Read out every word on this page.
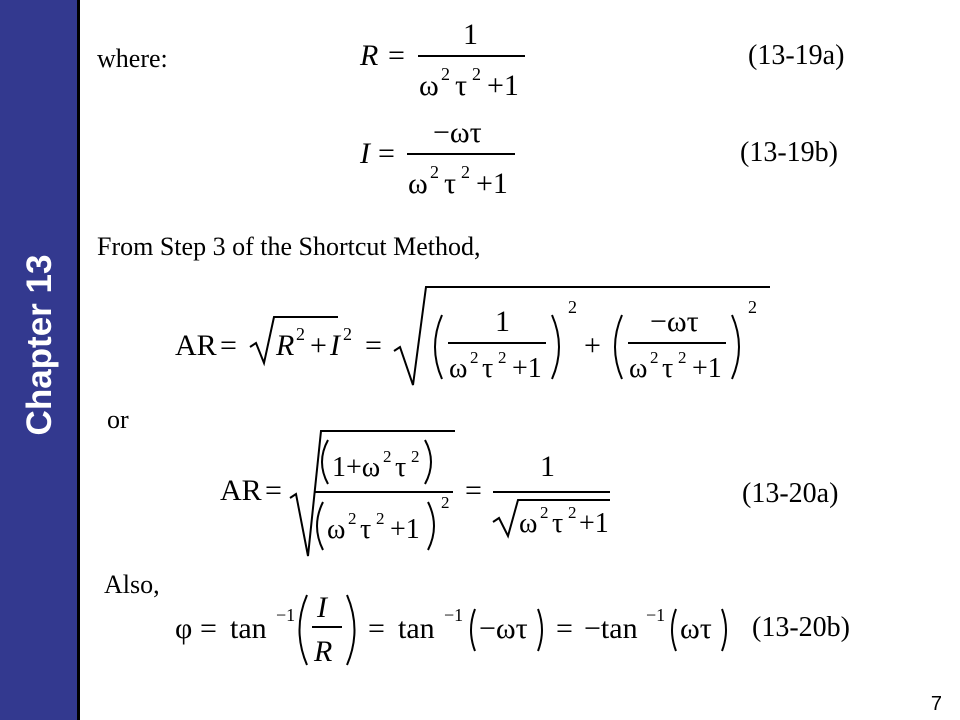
Chapter 13
where:
From Step 3 of the Shortcut Method,
or
Also,
(13-19a)
(13-19b)
(13-20a)
(13-20b)
R =
1
ω 2 τ 2 +1
I =
−ωτ
ω 2 τ 2 +1
AR = R 2 + I 2 =
1
ω 2 τ 2 +1
2
+
−ωτ
ω 2 τ 2 +1
2
AR =
1+ω 2 τ 2
ω 2 τ 2 +1
2 =
1
ω 2 τ 2 +1
φ = tan −1 I
R
= tan −1 −ωτ = −tan −1 ωτ
7
